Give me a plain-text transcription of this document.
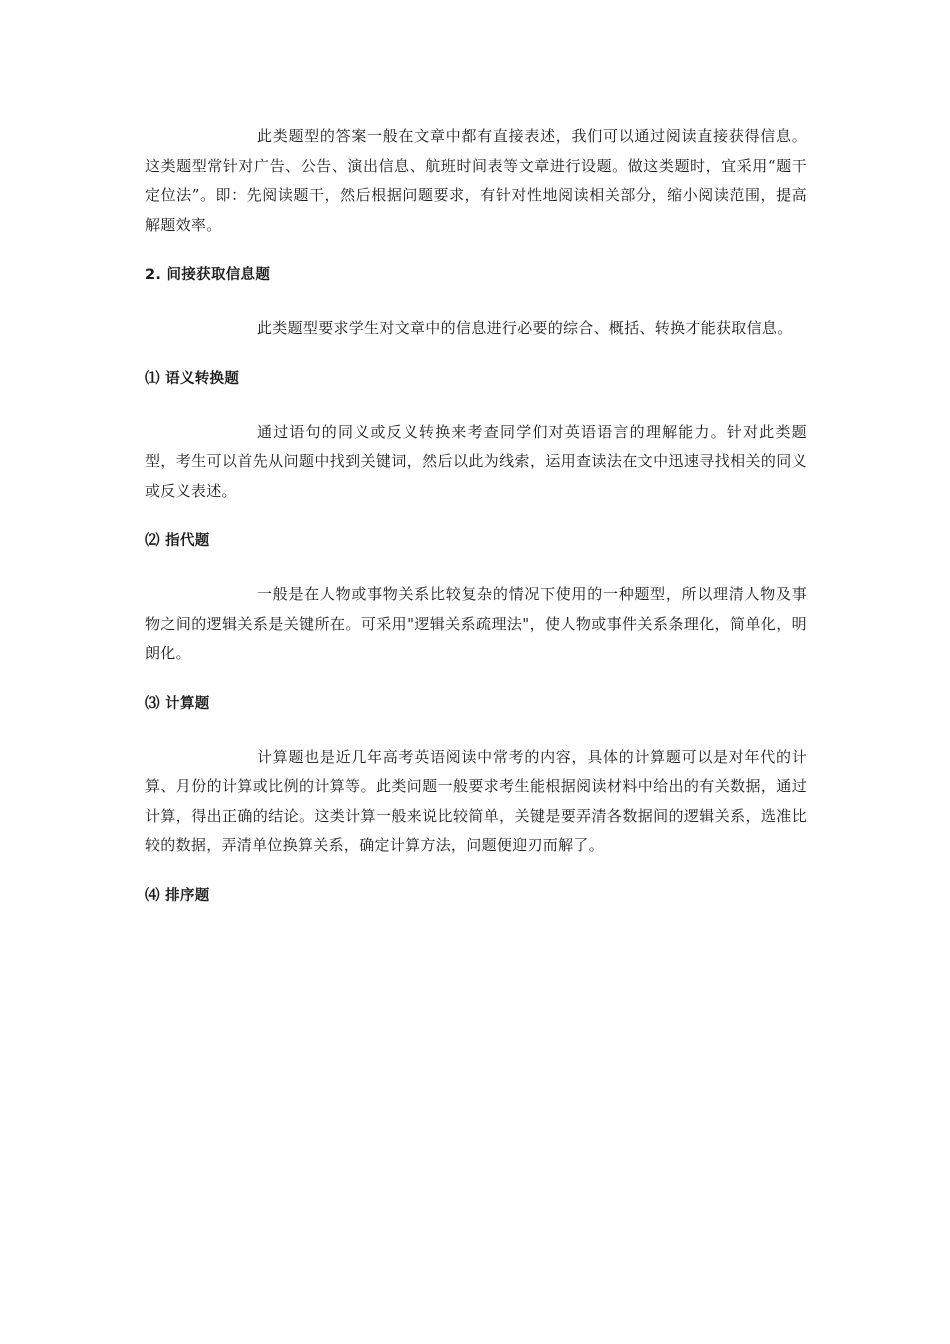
此类题型的答案一般在文章中都有直接表述，我们可以通过阅读直接获得信息。这类题型常针对广告、公告、演出信息、航班时间表等文章进行设题。做这类题时，宜采用“题干定位法”。即：先阅读题干，然后根据问题要求，有针对性地阅读相关部分，缩小阅读范围，提高解题效率。

2. 间接获取信息题

此类题型要求学生对文章中的信息进行必要的综合、概括、转换才能获取信息。

⑴ 语义转换题

通过语句的同义或反义转换来考查同学们对英语语言的理解能力。针对此类题型，考生可以首先从问题中找到关键词，然后以此为线索，运用查读法在文中迅速寻找相关的同义或反义表述。

⑵ 指代题

一般是在人物或事物关系比较复杂的情况下使用的一种题型，所以理清人物及事物之间的逻辑关系是关键所在。可采用"逻辑关系疏理法"，使人物或事件关系条理化，简单化，明朗化。

⑶ 计算题

计算题也是近几年高考英语阅读中常考的内容，具体的计算题可以是对年代的计算、月份的计算或比例的计算等。此类问题一般要求考生能根据阅读材料中给出的有关数据，通过计算，得出正确的结论。这类计算一般来说比较简单，关键是要弄清各数据间的逻辑关系，选准比较的数据，弄清单位换算关系，确定计算方法，问题便迎刃而解了。

⑷ 排序题
